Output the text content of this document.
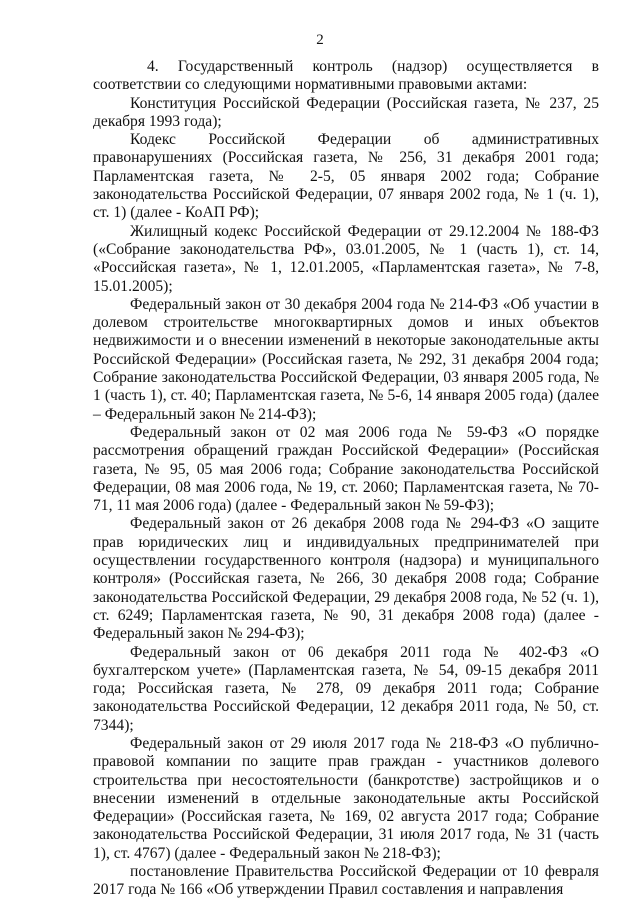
2

4. Государственный контроль (надзор) осуществляется в соответствии со следующими нормативными правовыми актами:

Конституция Российской Федерации (Российская газета, № 237, 25 декабря 1993 года);

Кодекс Российской Федерации об административных правонарушениях (Российская газета, № 256, 31 декабря 2001 года; Парламентская газета, № 2-5, 05 января 2002 года; Собрание законодательства Российской Федерации, 07 января 2002 года, № 1 (ч. 1), ст. 1) (далее - КоАП РФ);

Жилищный кодекс Российской Федерации от 29.12.2004 № 188-ФЗ («Собрание законодательства РФ», 03.01.2005, № 1 (часть 1), ст. 14, «Российская газета», № 1, 12.01.2005, «Парламентская газета», № 7-8, 15.01.2005);

Федеральный закон от 30 декабря 2004 года № 214-ФЗ «Об участии в долевом строительстве многоквартирных домов и иных объектов недвижимости и о внесении изменений в некоторые законодательные акты Российской Федерации» (Российская газета, № 292, 31 декабря 2004 года; Собрание законодательства Российской Федерации, 03 января 2005 года, № 1 (часть 1), ст. 40; Парламентская газета, № 5-6, 14 января 2005 года) (далее – Федеральный закон № 214-ФЗ);

Федеральный закон от 02 мая 2006 года № 59-ФЗ «О порядке рассмотрения обращений граждан Российской Федерации» (Российская газета, № 95, 05 мая 2006 года; Собрание законодательства Российской Федерации, 08 мая 2006 года, № 19, ст. 2060; Парламентская газета, № 70-71, 11 мая 2006 года) (далее - Федеральный закон № 59-ФЗ);

Федеральный закон от 26 декабря 2008 года № 294-ФЗ «О защите прав юридических лиц и индивидуальных предпринимателей при осуществлении государственного контроля (надзора) и муниципального контроля» (Российская газета, № 266, 30 декабря 2008 года; Собрание законодательства Российской Федерации, 29 декабря 2008 года, № 52 (ч. 1), ст. 6249; Парламентская газета, № 90, 31 декабря 2008 года) (далее - Федеральный закон № 294-ФЗ);

Федеральный закон от 06 декабря 2011 года № 402-ФЗ «О бухгалтерском учете» (Парламентская газета, № 54, 09-15 декабря 2011 года; Российская газета, № 278, 09 декабря 2011 года; Собрание законодательства Российской Федерации, 12 декабря 2011 года, № 50, ст. 7344);

Федеральный закон от 29 июля 2017 года № 218-ФЗ «О публично-правовой компании по защите прав граждан - участников долевого строительства при несостоятельности (банкротстве) застройщиков и о внесении изменений в отдельные законодательные акты Российской Федерации» (Российская газета, № 169, 02 августа 2017 года; Собрание законодательства Российской Федерации, 31 июля 2017 года, № 31 (часть 1), ст. 4767) (далее - Федеральный закон № 218-ФЗ);

постановление Правительства Российской Федерации от 10 февраля 2017 года № 166 «Об утверждении Правил составления и направления
